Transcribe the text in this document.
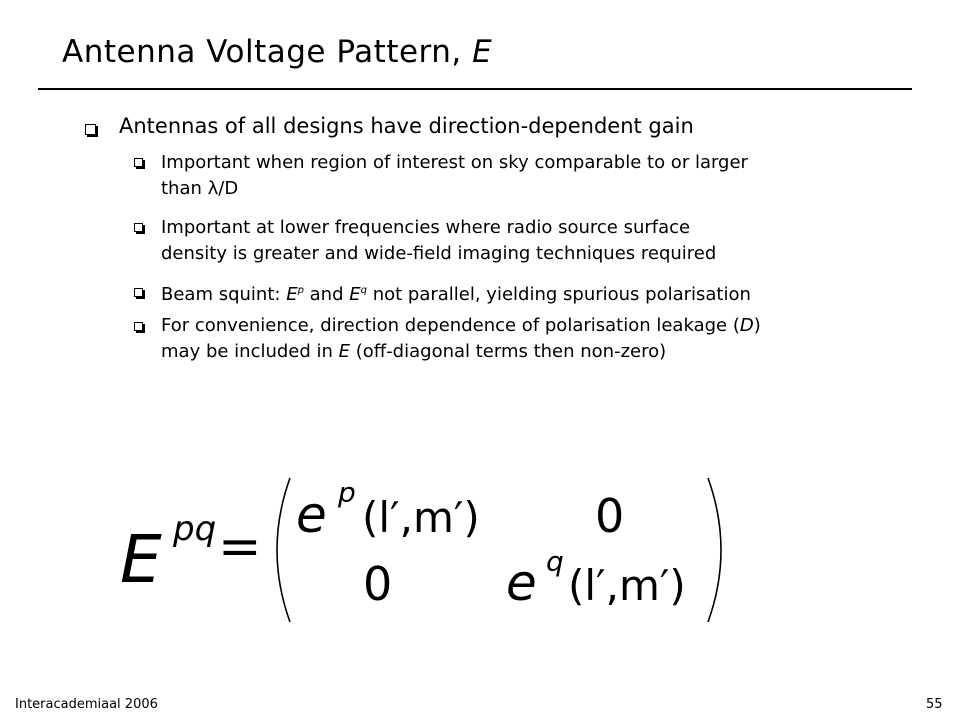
Antenna Voltage Pattern, E
Antennas of all designs have direction-dependent gain
Important when region of interest on sky comparable to or larger
than λ/D
Important at lower frequencies where radio source surface
density is greater and wide-field imaging techniques required
Beam squint: $E^p$ and $E^q$ not parallel, yielding spurious polarisation
For convenience, direction dependence of polarisation leakage (D)
may be included in E (off-diagonal terms then non-zero)
E pq =
e p
(l′,m′)	0
0 e q (l′,m′)
Interacademiaal 2006	55
